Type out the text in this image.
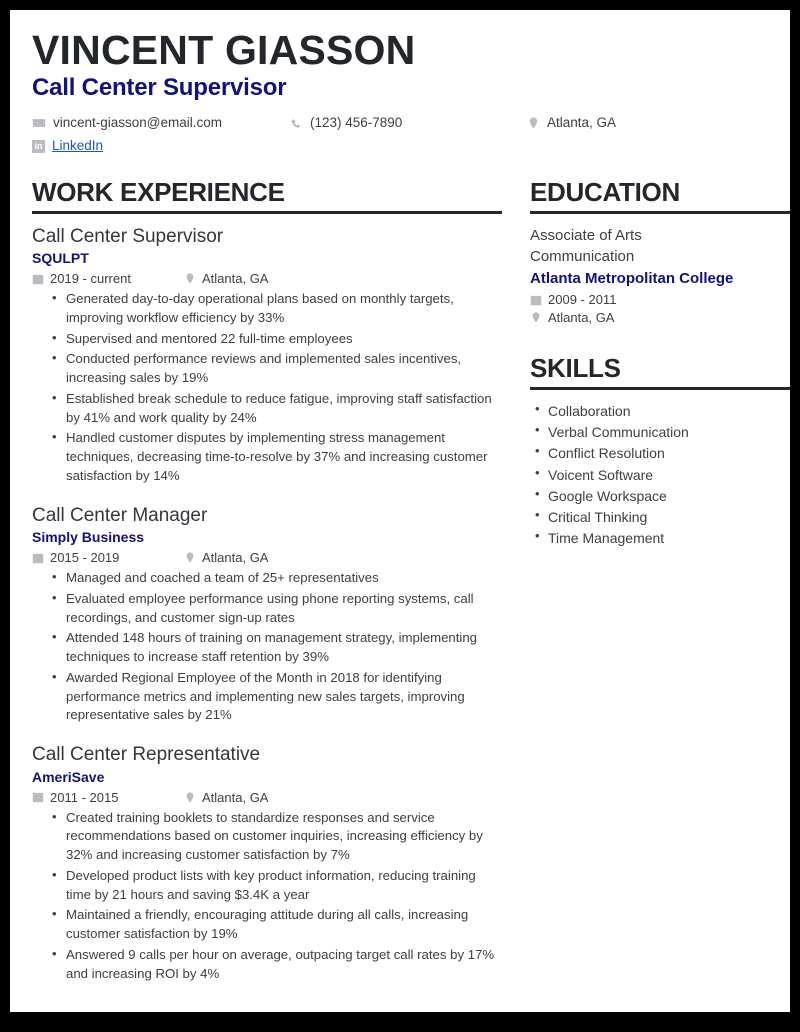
VINCENT GIASSON
Call Center Supervisor
vincent-giasson@email.com	(123) 456-7890	Atlanta, GA
in LinkedIn
WORK EXPERIENCE
Call Center Supervisor
SQULPT
2019 - current	Atlanta, GA
• Generated day-to-day operational plans based on monthly targets, improving workflow efficiency by 33%
• Supervised and mentored 22 full-time employees
• Conducted performance reviews and implemented sales incentives, increasing sales by 19%
• Established break schedule to reduce fatigue, improving staff satisfaction by 41% and work quality by 24%
• Handled customer disputes by implementing stress management techniques, decreasing time-to-resolve by 37% and increasing customer satisfaction by 14%
Call Center Manager
Simply Business
2015 - 2019	Atlanta, GA
• Managed and coached a team of 25+ representatives
• Evaluated employee performance using phone reporting systems, call recordings, and customer sign-up rates
• Attended 148 hours of training on management strategy, implementing techniques to increase staff retention by 39%
• Awarded Regional Employee of the Month in 2018 for identifying performance metrics and implementing new sales targets, improving representative sales by 21%
Call Center Representative
AmeriSave
2011 - 2015	Atlanta, GA
• Created training booklets to standardize responses and service recommendations based on customer inquiries, increasing efficiency by 32% and increasing customer satisfaction by 7%
• Developed product lists with key product information, reducing training time by 21 hours and saving $3.4K a year
• Maintained a friendly, encouraging attitude during all calls, increasing customer satisfaction by 19%
• Answered 9 calls per hour on average, outpacing target call rates by 17% and increasing ROI by 4%
EDUCATION
Associate of Arts
Communication
Atlanta Metropolitan College
2009 - 2011
Atlanta, GA
SKILLS
• Collaboration
• Verbal Communication
• Conflict Resolution
• Voicent Software
• Google Workspace
• Critical Thinking
• Time Management
